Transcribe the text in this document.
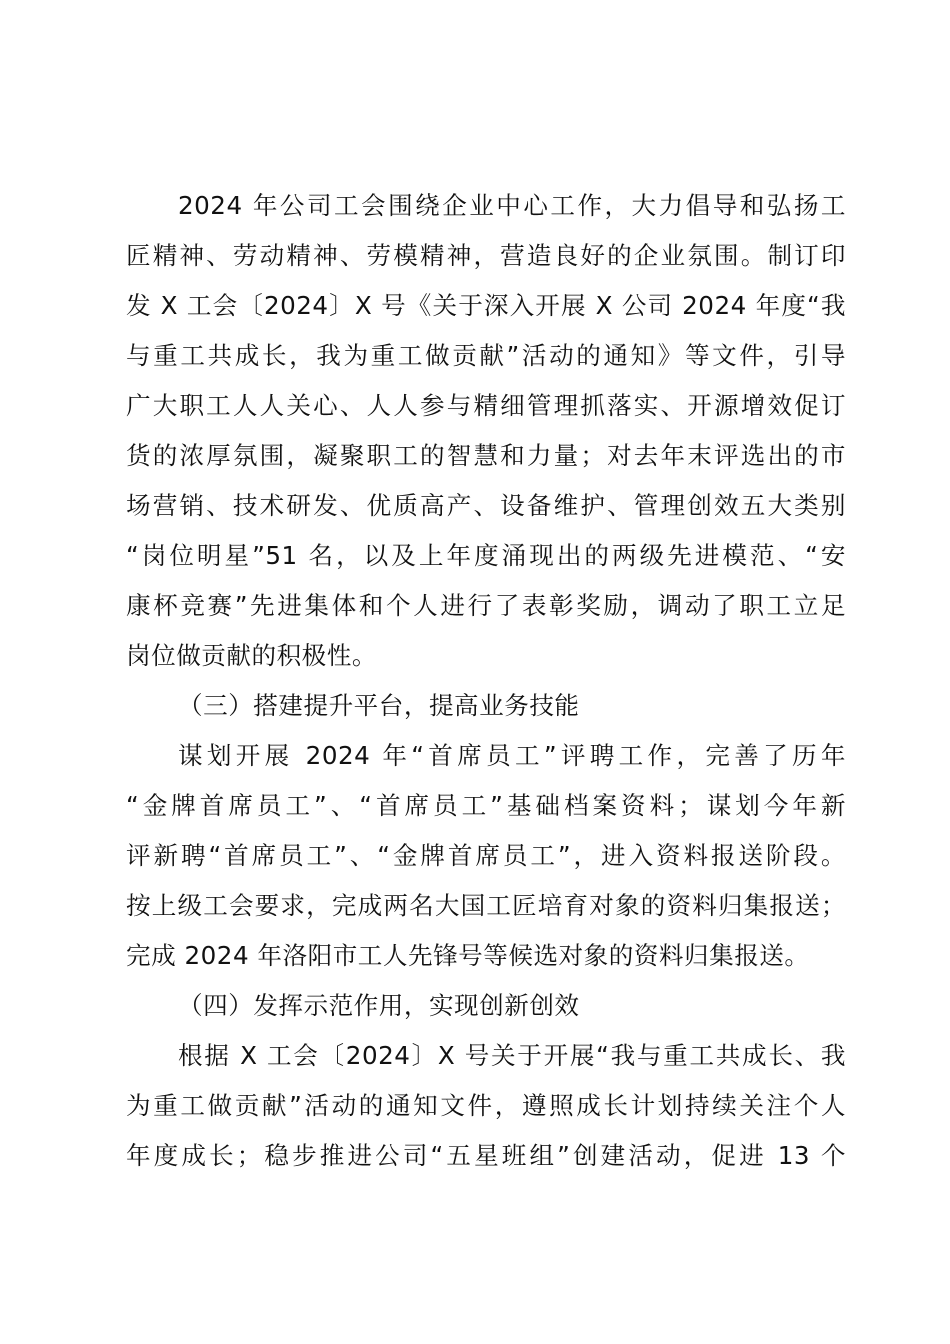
2024 年公司工会围绕企业中心工作，大力倡导和弘扬工
匠精神、劳动精神、劳模精神，营造良好的企业氛围。制订印
发 X 工会〔2024〕X 号《关于深入开展 X 公司 2024 年度“我
与重工共成长，我为重工做贡献”活动的通知》等文件，引导
广大职工人人关心、人人参与精细管理抓落实、开源增效促订
货的浓厚氛围，凝聚职工的智慧和力量；对去年末评选出的市
场营销、技术研发、优质高产、设备维护、管理创效五大类别
“岗位明星”51 名，以及上年度涌现出的两级先进模范、“安
康杯竞赛”先进集体和个人进行了表彰奖励，调动了职工立足
岗位做贡献的积极性。
（三）搭建提升平台，提高业务技能
谋划开展 2024 年“首席员工”评聘工作，完善了历年
“金牌首席员工”、“首席员工”基础档案资料；谋划今年新
评新聘“首席员工”、“金牌首席员工”，进入资料报送阶段。
按上级工会要求，完成两名大国工匠培育对象的资料归集报送；
完成 2024 年洛阳市工人先锋号等候选对象的资料归集报送。
（四）发挥示范作用，实现创新创效
根据 X 工会〔2024〕X 号关于开展“我与重工共成长、我
为重工做贡献”活动的通知文件，遵照成长计划持续关注个人
年度成长；稳步推进公司“五星班组”创建活动，促进 13 个
